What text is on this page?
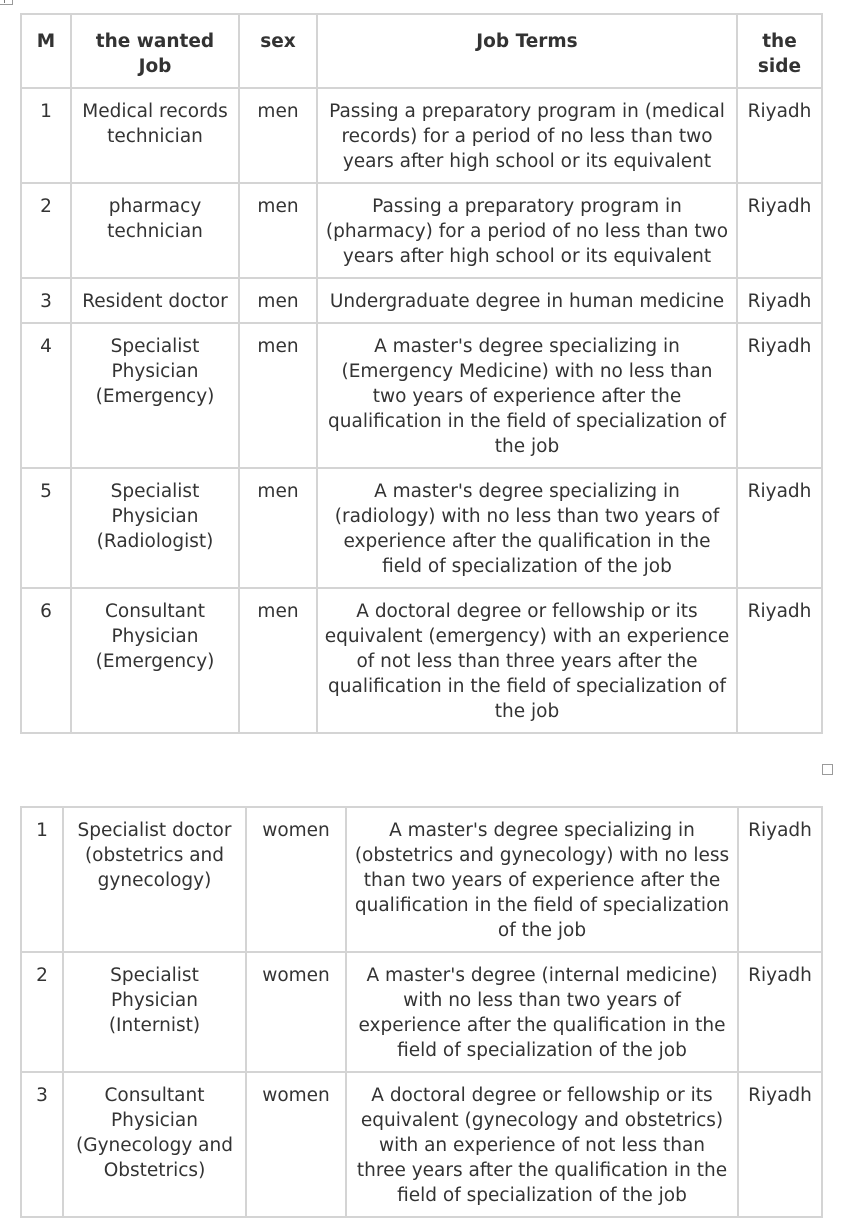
M	the wanted Job	sex	Job Terms	the side
1	Medical records technician	men	Passing a preparatory program in (medical records) for a period of no less than two years after high school or its equivalent	Riyadh
2	pharmacy technician	men	Passing a preparatory program in (pharmacy) for a period of no less than two years after high school or its equivalent	Riyadh
3	Resident doctor	men	Undergraduate degree in human medicine	Riyadh
4	Specialist Physician (Emergency)	men	A master's degree specializing in (Emergency Medicine) with no less than two years of experience after the qualification in the field of specialization of the job	Riyadh
5	Specialist Physician (Radiologist)	men	A master's degree specializing in (radiology) with no less than two years of experience after the qualification in the field of specialization of the job	Riyadh
6	Consultant Physician (Emergency)	men	A doctoral degree or fellowship or its equivalent (emergency) with an experience of not less than three years after the qualification in the field of specialization of the job	Riyadh
1	Specialist doctor (obstetrics and gynecology)	women	A master's degree specializing in (obstetrics and gynecology) with no less than two years of experience after the qualification in the field of specialization of the job	Riyadh
2	Specialist Physician (Internist)	women	A master's degree (internal medicine) with no less than two years of experience after the qualification in the field of specialization of the job	Riyadh
3	Consultant Physician (Gynecology and Obstetrics)	women	A doctoral degree or fellowship or its equivalent (gynecology and obstetrics) with an experience of not less than three years after the qualification in the field of specialization of the job	Riyadh
